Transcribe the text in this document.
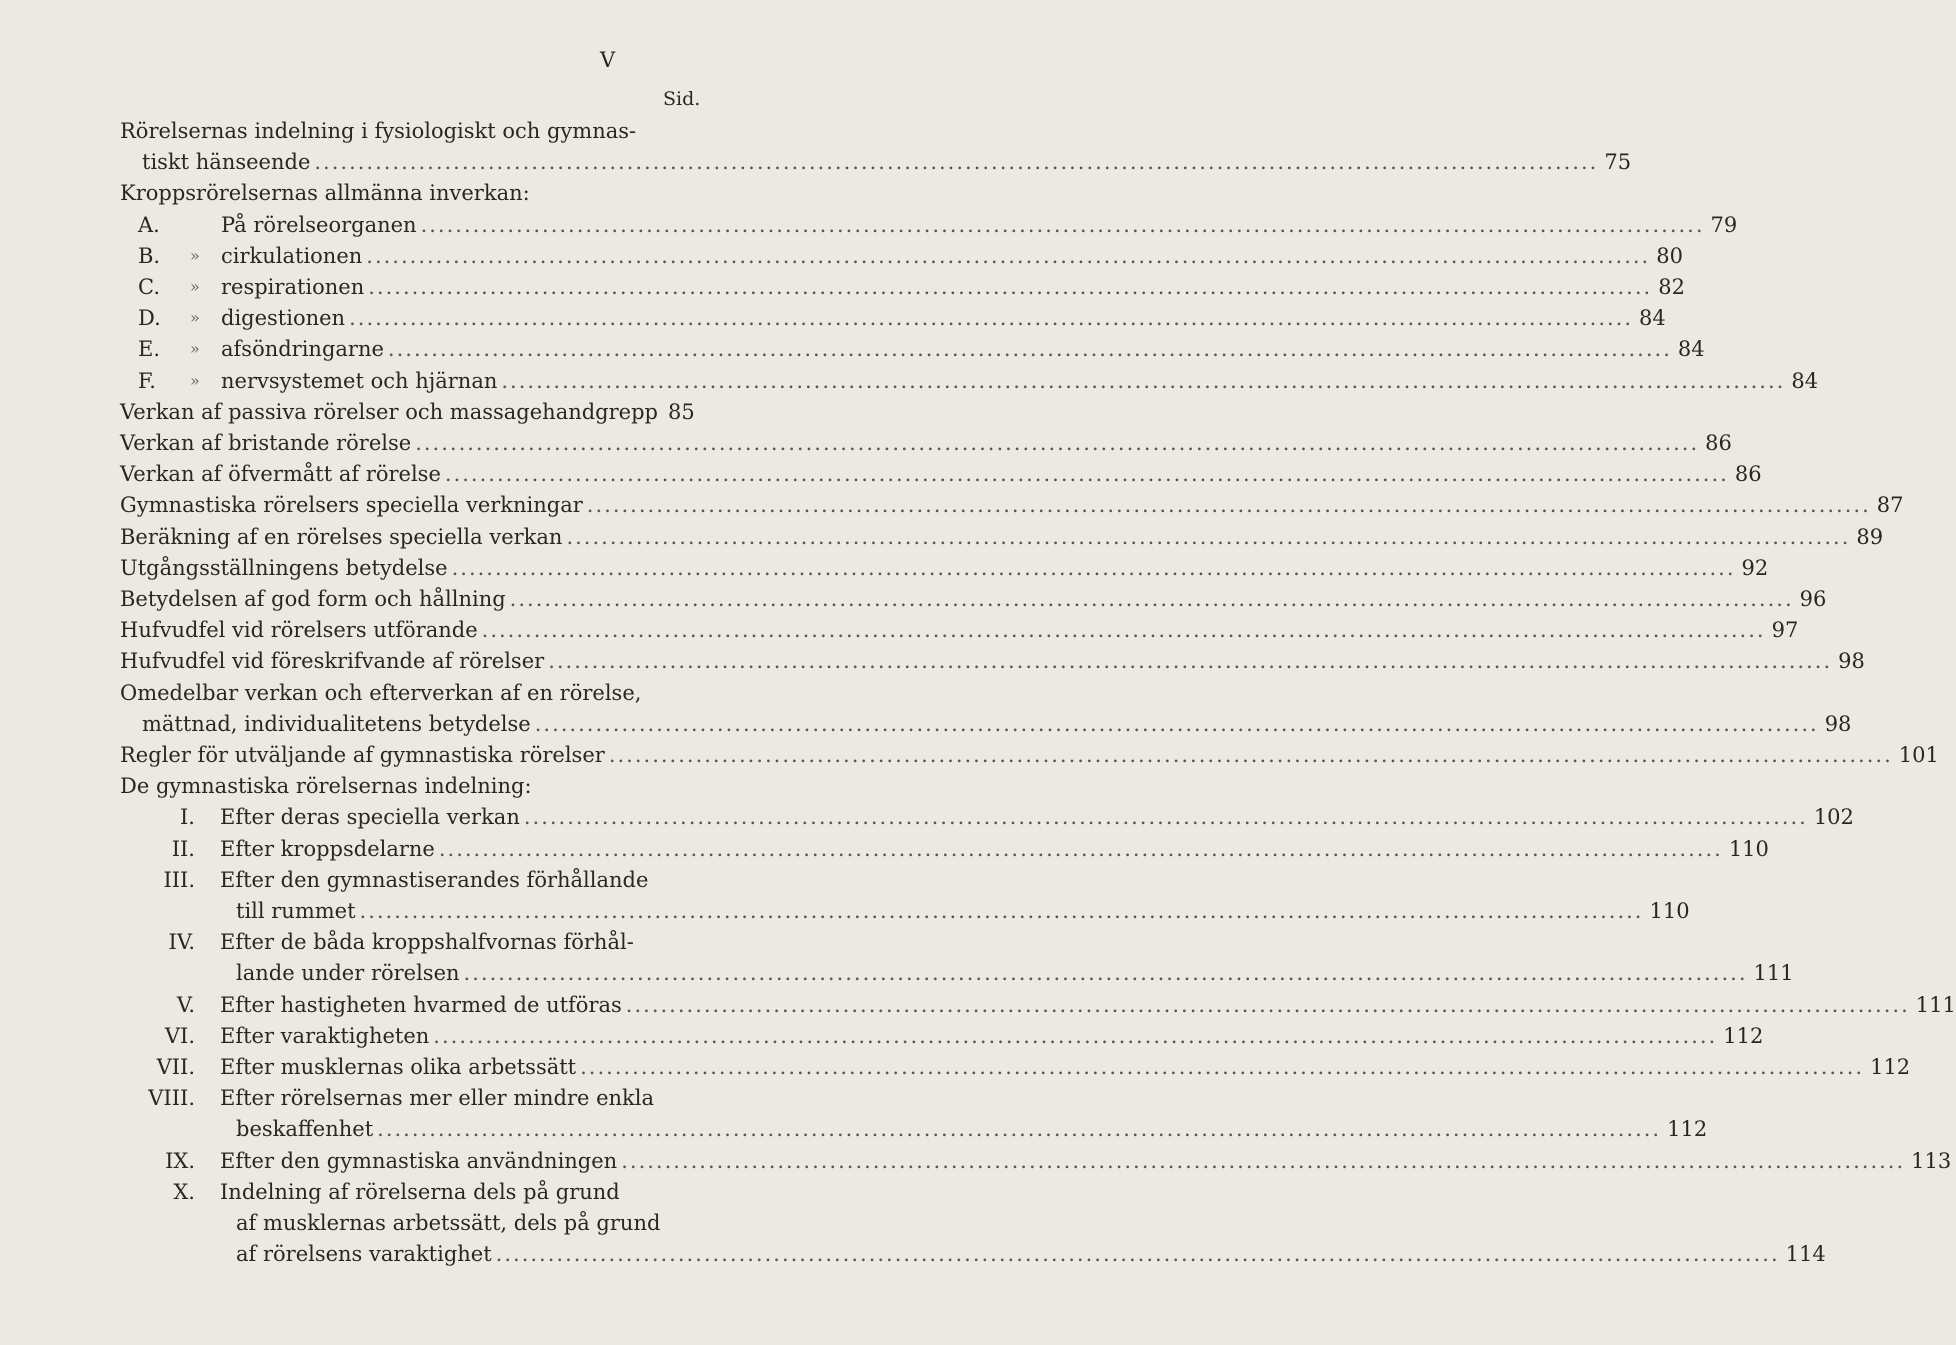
V
Sid.
Rörelsernas indelning i fysiologiskt och gymnas-
tiskt hänseende .....	75
Kroppsrörelsernas allmänna inverkan:
A.	På rörelseorganen .....	79
B. » cirkulationen .....	80
C. » respirationen .....	82
D. » digestionen .....	84
E. » afsöndringarne .....	84
F. » nervsystemet och hjärnan .....	84
Verkan af passiva rörelser och massagehandgrepp 85
Verkan af bristande rörelse .....	86
Verkan af öfvermått af rörelse .....	86
Gymnastiska rörelsers speciella verkningar .....	87
Beräkning af en rörelses speciella verkan .....	89
Utgångsställningens betydelse .....	92
Betydelsen af god form och hållning .....	96
Hufvudfel vid rörelsers utförande .....	97
Hufvudfel vid föreskrifvande af rörelser .....	98
Omedelbar verkan och efterverkan af en rörelse,
mättnad, individualitetens betydelse .....	98
Regler för utväljande af gymnastiska rörelser .....	101
De gymnastiska rörelsernas indelning:
I. Efter deras speciella verkan .....	102
II. Efter kroppsdelarne .....	110
III. Efter den gymnastiserandes förhållande
till rummet .....	110
IV. Efter de båda kroppshalfvornas förhål-
lande under rörelsen .....	111
V. Efter hastigheten hvarmed de utföras .....	111
VI. Efter varaktigheten .....	112
VII. Efter musklernas olika arbetssätt .....	112
VIII. Efter rörelsernas mer eller mindre enkla
beskaffenhet .....	112
IX. Efter den gymnastiska användningen .....	113
X. Indelning af rörelserna dels på grund
af musklernas arbetssätt, dels på grund
af rörelsens varaktighet .....	114
